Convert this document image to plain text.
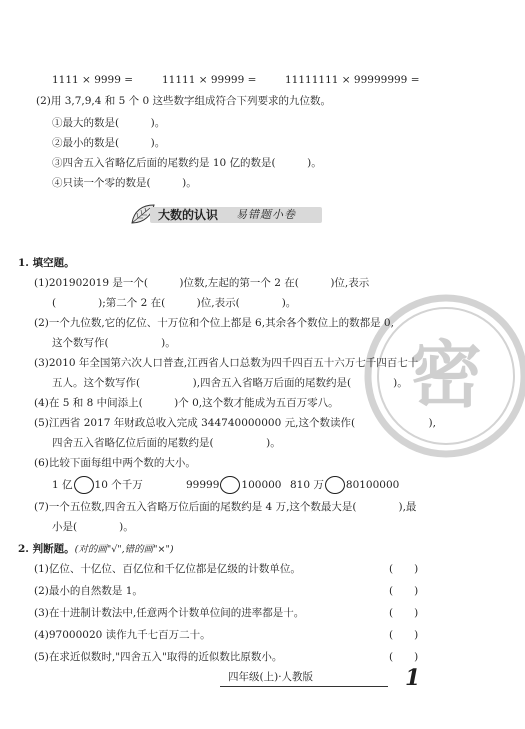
1111 × 9999 =	11111 × 99999 =	11111111 × 99999999 =
(2)用 3,7,9,4 和 5 个 0 这些数字组成符合下列要求的九位数。
①最大的数是(　　　)。
②最小的数是(　　　)。
③四舍五入省略亿后面的尾数约是 10 亿的数是(　　　)。
④只读一个零的数是(　　　)。
大数的认识 易错题小卷
密
1. 填空题。
(1)201902019 是一个(　　　)位数,左起的第一个 2 在(　　　)位,表示
(　　　　);第二个 2 在(　　　)位,表示(　　　　)。
(2)一个九位数,它的亿位、十万位和个位上都是 6,其余各个数位上的数都是 0,
这个数写作(　　　　　)。
(3)2010 年全国第六次人口普查,江西省人口总数为四千四百五十六万七千四百七十
五人。这个数写作(　　　　　),四舍五入省略万后面的尾数约是(　　　　)。
(4)在 5 和 8 中间添上(　　　)个 0,这个数才能成为五百万零八。
(5)江西省 2017 年财政总收入完成 344740000000 元,这个数读作(　　　　　　　),
四舍五入省略亿位后面的尾数约是(　　　　　)。
(6)比较下面每组中两个数的大小。
1 亿 10 个千万	99999 100000 810 万 80100000
(7)一个五位数,四舍五入省略万位后面的尾数约是 4 万,这个数最大是(　　　　),最
小是(　　　　)。
2. 判断题。(对的画"√",错的画"×")
(1)亿位、十亿位、百亿位和千亿位都是亿级的计数单位。	(　　)
(2)最小的自然数是 1。	(　　)
(3)在十进制计数法中,任意两个计数单位间的进率都是十。	(　　)
(4)97000020 读作九千七百万二十。	(　　)
(5)在求近似数时,"四舍五入"取得的近似数比原数小。	(　　)
四年级(上)·人教版	1
